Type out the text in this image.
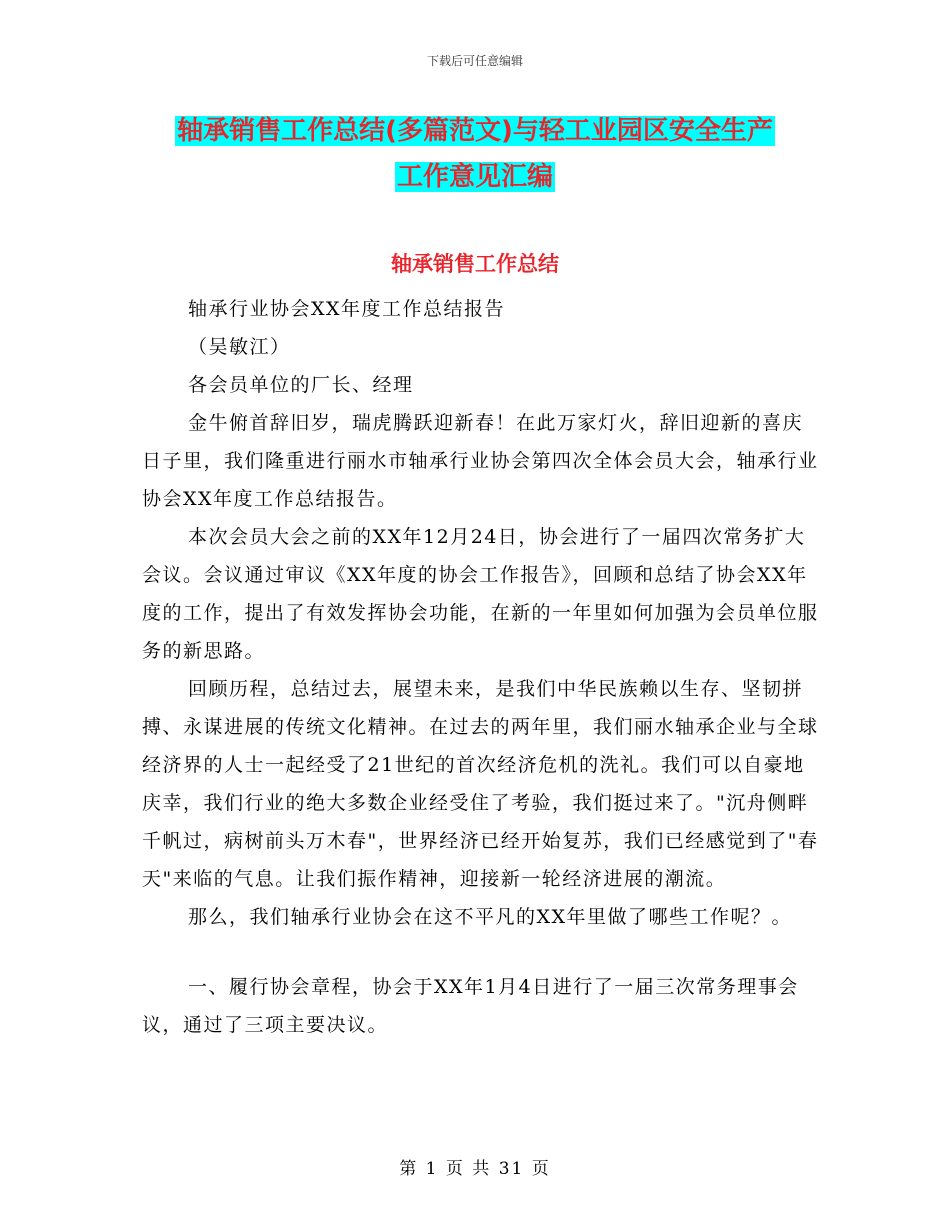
下载后可任意编辑
轴承销售工作总结(多篇范文)与轻工业园区安全生产
工作意见汇编
轴承销售工作总结

轴承行业协会XX年度工作总结报告

（吴敏江）

各会员单位的厂长、经理

金牛俯首辞旧岁，瑞虎腾跃迎新春！在此万家灯火，辞旧迎新的喜庆日子里，我们隆重进行丽水市轴承行业协会第四次全体会员大会，轴承行业协会XX年度工作总结报告。

本次会员大会之前的XX年12月24日，协会进行了一届四次常务扩大会议。会议通过审议《XX年度的协会工作报告》，回顾和总结了协会XX年度的工作，提出了有效发挥协会功能，在新的一年里如何加强为会员单位服务的新思路。

回顾历程，总结过去，展望未来，是我们中华民族赖以生存、坚韧拼搏、永谋进展的传统文化精神。在过去的两年里，我们丽水轴承企业与全球经济界的人士一起经受了21世纪的首次经济危机的洗礼。我们可以自豪地庆幸，我们行业的绝大多数企业经受住了考验，我们挺过来了。"沉舟侧畔千帆过，病树前头万木春"，世界经济已经开始复苏，我们已经感觉到了"春天"来临的气息。让我们振作精神，迎接新一轮经济进展的潮流。

那么，我们轴承行业协会在这不平凡的XX年里做了哪些工作呢？。

一、履行协会章程，协会于XX年1月4日进行了一届三次常务理事会议，通过了三项主要决议。

第 1 页 共 31 页
